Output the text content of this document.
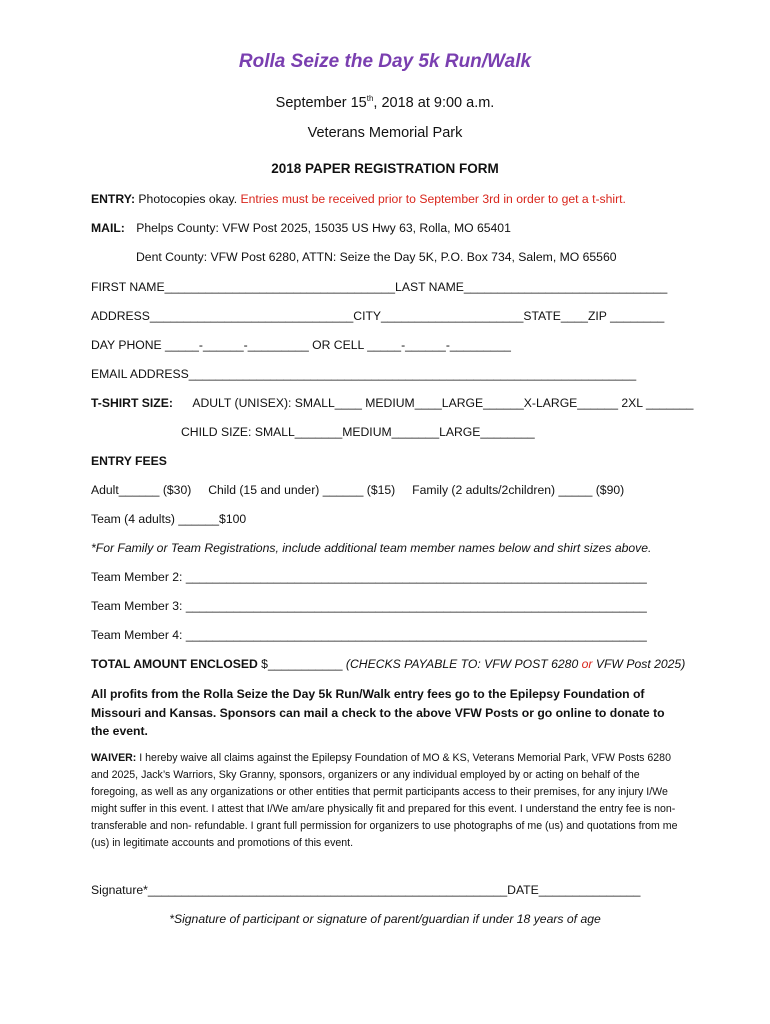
Rolla Seize the Day 5k Run/Walk
September 15th, 2018 at 9:00 a.m.
Veterans Memorial Park
2018 PAPER REGISTRATION FORM
ENTRY: Photocopies okay. Entries must be received prior to September 3rd in order to get a t-shirt.
MAIL: Phelps County: VFW Post 2025, 15035 US Hwy 63, Rolla, MO 65401
Dent County: VFW Post 6280, ATTN: Seize the Day 5K, P.O. Box 734, Salem, MO 65560
FIRST NAME__________________________________LAST NAME______________________________
ADDRESS______________________________CITY_____________________STATE____ZIP ________
DAY PHONE _____-______-_________ OR CELL _____-______-_________
EMAIL ADDRESS__________________________________________________________________
T-SHIRT SIZE: ADULT (UNISEX): SMALL____ MEDIUM____LARGE______X-LARGE______ 2XL _______
CHILD SIZE: SMALL_______MEDIUM_______LARGE________
ENTRY FEES
Adult______ ($30)     Child (15 and under) ______ ($15)     Family (2 adults/2children) _____ ($90)
Team (4 adults) ______$100
*For Family or Team Registrations, include additional team member names below and shirt sizes above.
Team Member 2: ____________________________________________________________________
Team Member 3: ____________________________________________________________________
Team Member 4: ____________________________________________________________________
TOTAL AMOUNT ENCLOSED $___________ (CHECKS PAYABLE TO: VFW POST 6280 or VFW Post 2025)
All profits from the Rolla Seize the Day 5k Run/Walk entry fees go to the Epilepsy Foundation of Missouri and Kansas. Sponsors can mail a check to the above VFW Posts or go online to donate to the event.
WAIVER: I hereby waive all claims against the Epilepsy Foundation of MO & KS, Veterans Memorial Park, VFW Posts 6280 and 2025, Jack’s Warriors, Sky Granny, sponsors, organizers or any individual employed by or acting on behalf of the foregoing, as well as any organizations or other entities that permit participants access to their premises, for any injury I/We might suffer in this event. I attest that I/We am/are physically fit and prepared for this event. I understand the entry fee is non-transferable and non- refundable. I grant full permission for organizers to use photographs of me (us) and quotations from me (us) in legitimate accounts and promotions of this event.
Signature*_____________________________________________________DATE_______________
*Signature of participant or signature of parent/guardian if under 18 years of age
